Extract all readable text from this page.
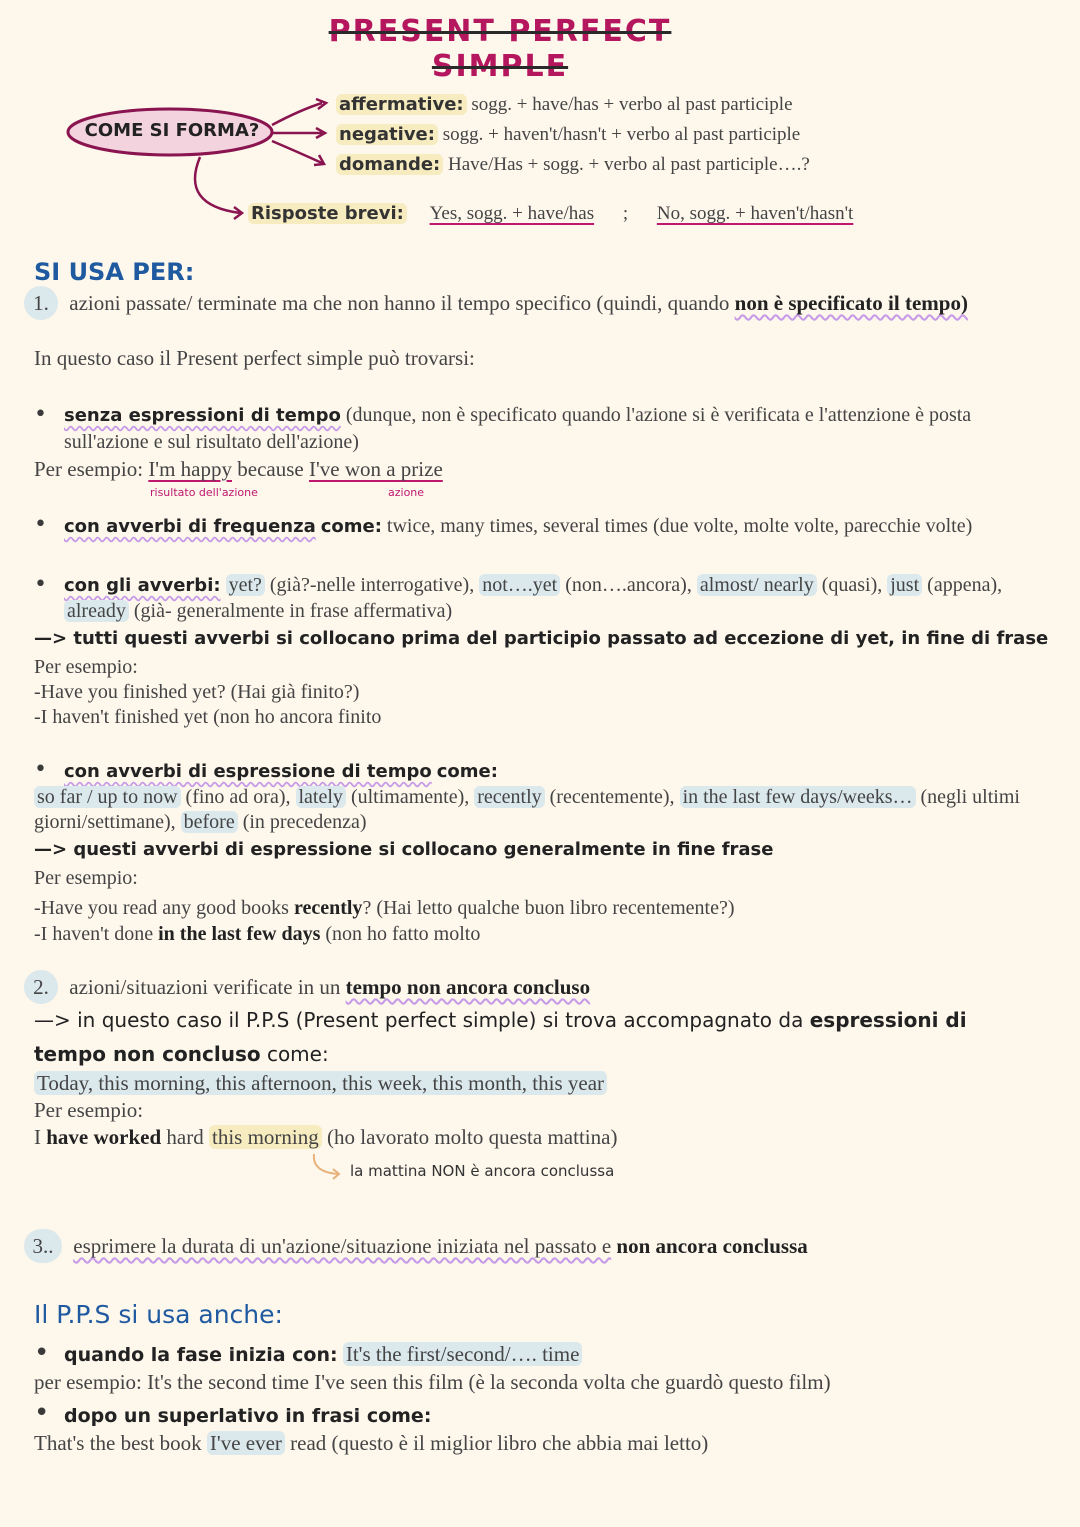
PRESENT PERFECT SIMPLE
COME SI FORMA?
affermative: sogg. + have/has + verbo al past participle
negative: sogg. + haven't/hasn't + verbo al past participle
domande: Have/Has + sogg. + verbo al past participle….?
Risposte brevi: Yes, sogg. + have/has ; No, sogg. + haven't/hasn't
SI USA PER:
1. azioni passate/ terminate ma che non hanno il tempo specifico (quindi, quando non è specificato il tempo)
In questo caso il Present perfect simple può trovarsi:
• senza espressioni di tempo (dunque, non è specificato quando l'azione si è verificata e l'attenzione è posta sull'azione e sul risultato dell'azione)
Per esempio: I'm happy because I've won a prize
risultato dell'azione	azione
• con avverbi di frequenza come: twice, many times, several times (due volte, molte volte, parecchie volte)
• con gli avverbi: yet? (già?-nelle interrogative), not….yet (non….ancora), almost/ nearly (quasi), just (appena),
already (già- generalmente in frase affermativa)
—> tutti questi avverbi si collocano prima del participio passato ad eccezione di yet, in fine di frase
Per esempio:
-Have you finished yet? (Hai già finito?)
-I haven't finished yet (non ho ancora finito
• con avverbi di espressione di tempo come:
so far / up to now (fino ad ora), lately (ultimamente), recently (recentemente), in the last few days/weeks… (negli ultimi
giorni/settimane), before (in precedenza)
—> questi avverbi di espressione si collocano generalmente in fine frase
Per esempio:
-Have you read any good books recently? (Hai letto qualche buon libro recentemente?)
-I haven't done in the last few days (non ho fatto molto
2. azioni/situazioni verificate in un tempo non ancora concluso
—> in questo caso il P.P.S (Present perfect simple) si trova accompagnato da espressioni di
tempo non concluso come:
Today, this morning, this afternoon, this week, this month, this year
Per esempio:
I have worked hard this morning (ho lavorato molto questa mattina)
la mattina NON è ancora conclussa
3.. esprimere la durata di un'azione/situazione iniziata nel passato e non ancora conclussa
Il P.P.S si usa anche:
• quando la fase inizia con: It's the first/second/…. time
per esempio: It's the second time I've seen this film (è la seconda volta che guardò questo film)
• dopo un superlativo in frasi come:
That's the best book I've ever read (questo è il miglior libro che abbia mai letto)
